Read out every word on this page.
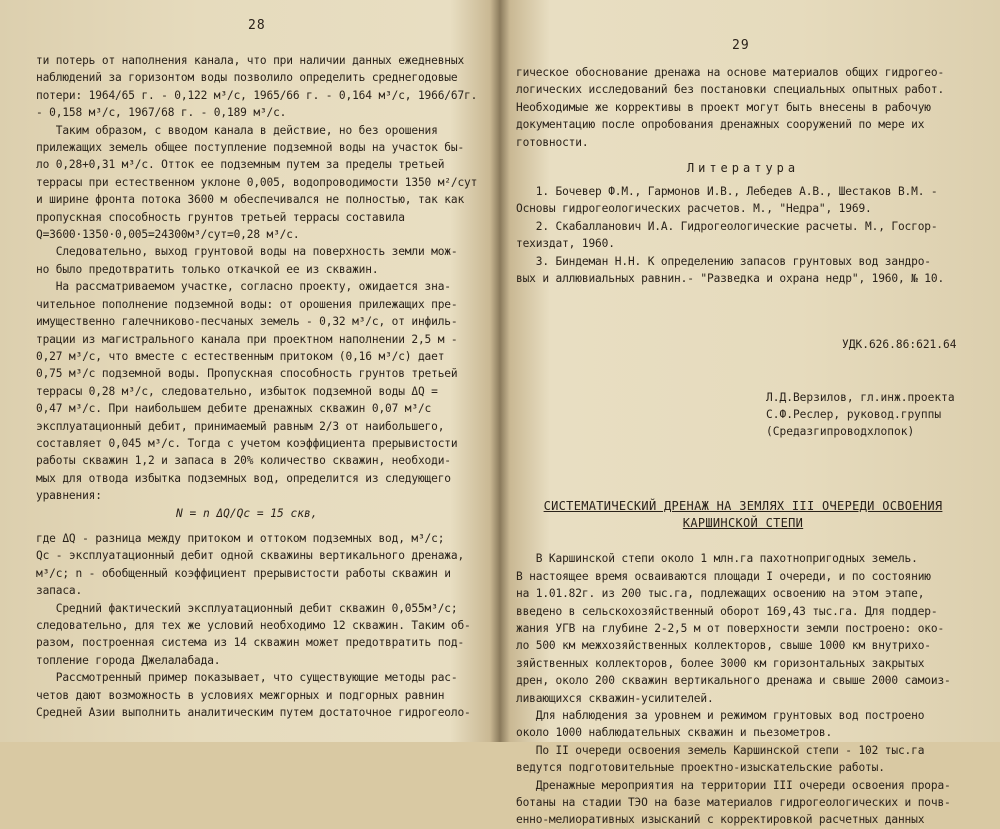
28
ти потерь от наполнения канала, что при наличии данных ежедневных
наблюдений за горизонтом воды позволило определить среднегодовые
потери: 1964/65 г. - 0,122 м³/с, 1965/66 г. - 0,164 м³/с, 1966/67г.
- 0,158 м³/с, 1967/68 г. - 0,189 м³/с.
Таким образом, с вводом канала в действие, но без орошения
прилежащих земель общее поступление подземной воды на участок бы-
ло 0,28+0,31 м³/с. Отток ее подземным путем за пределы третьей
террасы при естественном уклоне 0,005, водопроводимости 1350 м²/сут
и ширине фронта потока 3600 м обеспечивался не полностью, так как
пропускная способность грунтов третьей террасы составила
Q=3600·1350·0,005=24300м³/сут=0,28 м³/с.
Следовательно, выход грунтовой воды на поверхность земли мож-
но было предотвратить только откачкой ее из скважин.
На рассматриваемом участке, согласно проекту, ожидается зна-
чительное пополнение подземной воды: от орошения прилежащих пре-
имущественно галечниково-песчаных земель - 0,32 м³/с, от инфиль-
трации из магистрального канала при проектном наполнении 2,5 м -
0,27 м³/с, что вместе с естественным притоком (0,16 м³/с) дает
0,75 м³/с подземной воды. Пропускная способность грунтов третьей
террасы 0,28 м³/с, следовательно, избыток подземной воды ΔQ =
0,47 м³/с. При наибольшем дебите дренажных скважин 0,07 м³/с
эксплуатационный дебит, принимаемый равным 2/3 от наибольшего,
составляет 0,045 м³/с. Тогда с учетом коэффициента прерывистости
работы скважин 1,2 и запаса в 20% количество скважин, необходи-
мых для отвода избытка подземных вод, определится из следующего
уравнения:
N = n ΔQ/Qc = 15 скв,
где ΔQ - разница между притоком и оттоком подземных вод, м³/с;
Qc - эксплуатационный дебит одной скважины вертикального дренажа,
м³/с; n - обобщенный коэффициент прерывистости работы скважин и
запаса.
Средний фактический эксплуатационный дебит скважин 0,055м³/с;
следовательно, для тех же условий необходимо 12 скважин. Таким об-
разом, построенная система из 14 скважин может предотвратить под-
топление города Джелалабада.
Рассмотренный пример показывает, что существующие методы рас-
четов дают возможность в условиях межгорных и подгорных равнин
Средней Азии выполнить аналитическим путем достаточное гидрогеоло-
29
гическое обоснование дренажа на основе материалов общих гидрогео-
логических исследований без постановки специальных опытных работ.
Необходимые же коррективы в проект могут быть внесены в рабочую
документацию после опробования дренажных сооружений по мере их
готовности.
Литература
1. Бочевер Ф.М., Гармонов И.В., Лебедев А.В., Шестаков В.М. -
Основы гидрогеологических расчетов. М., "Недра", 1969.
2. Скабалланович И.А. Гидрогеологические расчеты. М., Госгор-
техиздат, 1960.
3. Биндеман Н.Н. К определению запасов грунтовых вод зандро-
вых и аллювиальных равнин.- "Разведка и охрана недр", 1960, № 10.

УДК.626.86:621.64

Л.Д.Верзилов, гл.инж.проекта
С.Ф.Реслер, руковод.группы
(Средазгипроводхлопок)

СИСТЕМАТИЧЕСКИЙ ДРЕНАЖ НА ЗЕМЛЯХ III ОЧЕРЕДИ ОСВОЕНИЯ
КАРШИНСКОЙ СТЕПИ
В Каршинской степи около 1 млн.га пахотнопригодных земель.
В настоящее время осваиваются площади I очереди, и по состоянию
на 1.01.82г. из 200 тыс.га, подлежащих освоению на этом этапе,
введено в сельскохозяйственный оборот 169,43 тыс.га. Для поддер-
жания УГВ на глубине 2-2,5 м от поверхности земли построено: око-
ло 500 км межхозяйственных коллекторов, свыше 1000 км внутрихо-
зяйственных коллекторов, более 3000 км горизонтальных закрытых
дрен, около 200 скважин вертикального дренажа и свыше 2000 самоиз-
ливающихся скважин-усилителей.
Для наблюдения за уровнем и режимом грунтовых вод построено
около 1000 наблюдательных скважин и пьезометров.
По II очереди освоения земель Каршинской степи - 102 тыс.га
ведутся подготовительные проектно-изыскательские работы.
Дренажные мероприятия на территории III очереди освоения прора-
ботаны на стадии ТЭО на базе материалов гидрогеологических и почв-
енно-мелиоративных изысканий с корректировкой расчетных данных
